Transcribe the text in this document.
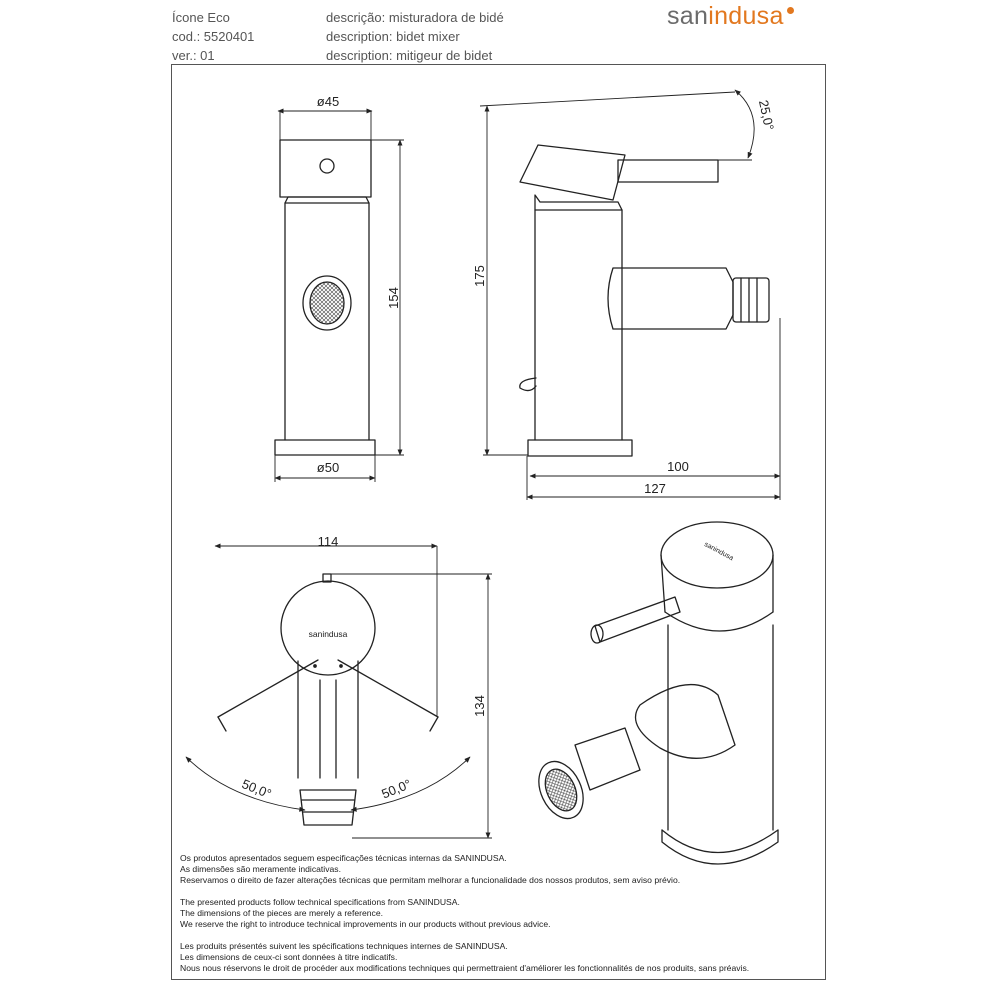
Ícone Eco
cod.: 5520401
ver.: 01
descrição: misturadora de bidé
description: bidet mixer
description: mitigeur de bidet
sanindusa
ø45
154
ø50
175
25,0°
100
127
114
134
50,0°	50,0°
sanindusa
sanindusa
Os produtos apresentados seguem especificações técnicas internas da SANINDUSA.
As dimensões são meramente indicativas.
Reservamos o direito de fazer alterações técnicas que permitam melhorar a funcionalidade dos nossos produtos, sem aviso prévio.
The presented products follow technical specifications from SANINDUSA.
The dimensions of the pieces are merely a reference.
We reserve the right to introduce technical improvements in our products without previous advice.
Les produits présentés suivent les spécifications techniques internes de SANINDUSA.
Les dimensions de ceux-ci sont données à titre indicatifs.
Nous nous réservons le droit de procéder aux modifications techniques qui permettraient d'améliorer les fonctionnalités de nos produits, sans préavis.
